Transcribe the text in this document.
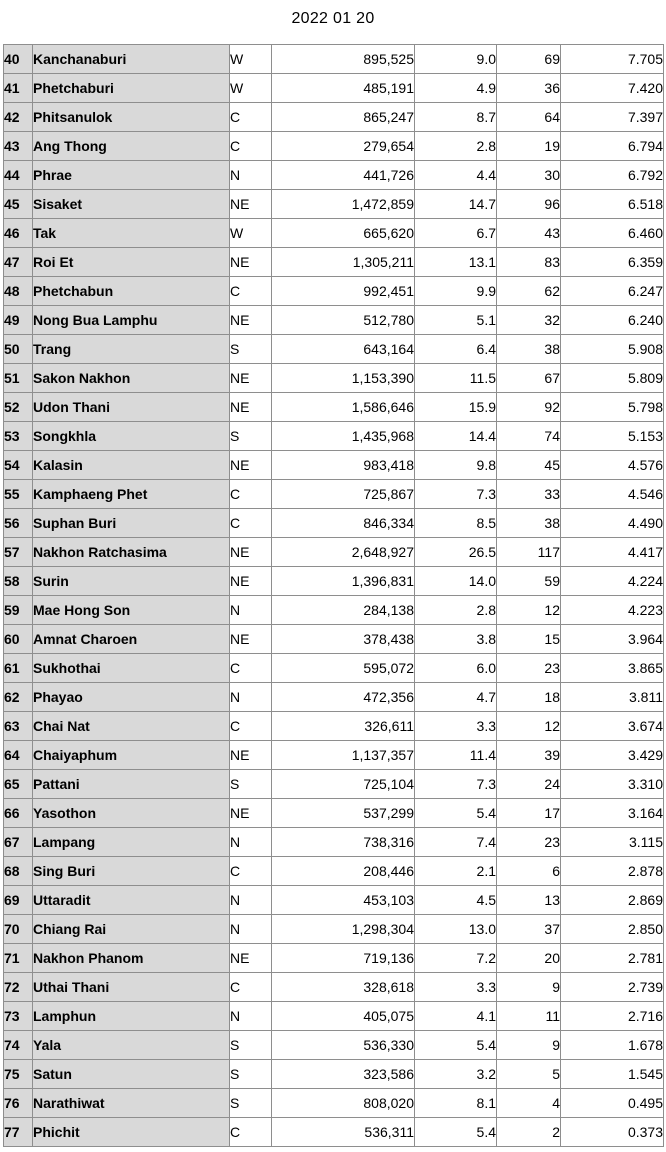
2022 01 20
40	Kanchanaburi	W	895,525	9.0	69	7.705
41	Phetchaburi	W	485,191	4.9	36	7.420
42	Phitsanulok	C	865,247	8.7	64	7.397
43	Ang Thong	C	279,654	2.8	19	6.794
44	Phrae	N	441,726	4.4	30	6.792
45	Sisaket	NE	1,472,859	14.7	96	6.518
46	Tak	W	665,620	6.7	43	6.460
47	Roi Et	NE	1,305,211	13.1	83	6.359
48	Phetchabun	C	992,451	9.9	62	6.247
49	Nong Bua Lamphu	NE	512,780	5.1	32	6.240
50	Trang	S	643,164	6.4	38	5.908
51	Sakon Nakhon	NE	1,153,390	11.5	67	5.809
52	Udon Thani	NE	1,586,646	15.9	92	5.798
53	Songkhla	S	1,435,968	14.4	74	5.153
54	Kalasin	NE	983,418	9.8	45	4.576
55	Kamphaeng Phet	C	725,867	7.3	33	4.546
56	Suphan Buri	C	846,334	8.5	38	4.490
57	Nakhon Ratchasima	NE	2,648,927	26.5	117	4.417
58	Surin	NE	1,396,831	14.0	59	4.224
59	Mae Hong Son	N	284,138	2.8	12	4.223
60	Amnat Charoen	NE	378,438	3.8	15	3.964
61	Sukhothai	C	595,072	6.0	23	3.865
62	Phayao	N	472,356	4.7	18	3.811
63	Chai Nat	C	326,611	3.3	12	3.674
64	Chaiyaphum	NE	1,137,357	11.4	39	3.429
65	Pattani	S	725,104	7.3	24	3.310
66	Yasothon	NE	537,299	5.4	17	3.164
67	Lampang	N	738,316	7.4	23	3.115
68	Sing Buri	C	208,446	2.1	6	2.878
69	Uttaradit	N	453,103	4.5	13	2.869
70	Chiang Rai	N	1,298,304	13.0	37	2.850
71	Nakhon Phanom	NE	719,136	7.2	20	2.781
72	Uthai Thani	C	328,618	3.3	9	2.739
73	Lamphun	N	405,075	4.1	11	2.716
74	Yala	S	536,330	5.4	9	1.678
75	Satun	S	323,586	3.2	5	1.545
76	Narathiwat	S	808,020	8.1	4	0.495
77	Phichit	C	536,311	5.4	2	0.373
